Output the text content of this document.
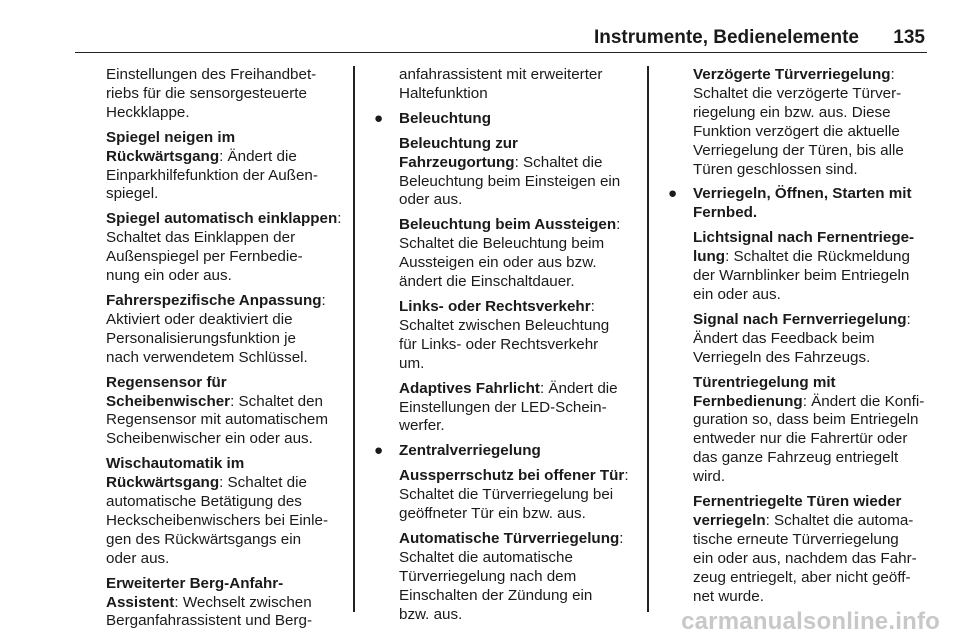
Instrumente, Bedienelemente 135

Einstellungen des Freihandbet-
riebs für die sensorgesteuerte
Heckklappe.

Spiegel neigen im
Rückwärtsgang: Ändert die
Einparkhilfefunktion der Außen-
spiegel.

Spiegel automatisch einklappen:
Schaltet das Einklappen der
Außenspiegel per Fernbedie-
nung ein oder aus.

Fahrerspezifische Anpassung:
Aktiviert oder deaktiviert die
Personalisierungsfunktion je
nach verwendetem Schlüssel.

Regensensor für
Scheibenwischer: Schaltet den
Regensensor mit automatischem
Scheibenwischer ein oder aus.

Wischautomatik im
Rückwärtsgang: Schaltet die
automatische Betätigung des
Heckscheibenwischers bei Einle-
gen des Rückwärtsgangs ein
oder aus.

Erweiterter Berg-Anfahr-
Assistent: Wechselt zwischen
Berganfahrassistent und Berg-

anfahrassistent mit erweiterter
Haltefunktion

● Beleuchtung

Beleuchtung zur
Fahrzeugortung: Schaltet die
Beleuchtung beim Einsteigen ein
oder aus.

Beleuchtung beim Aussteigen:
Schaltet die Beleuchtung beim
Aussteigen ein oder aus bzw.
ändert die Einschaltdauer.

Links- oder Rechtsverkehr:
Schaltet zwischen Beleuchtung
für Links- oder Rechtsverkehr
um.

Adaptives Fahrlicht: Ändert die
Einstellungen der LED-Schein-
werfer.

● Zentralverriegelung

Aussperrschutz bei offener Tür:
Schaltet die Türverriegelung bei
geöffneter Tür ein bzw. aus.

Automatische Türverriegelung:
Schaltet die automatische
Türverriegelung nach dem
Einschalten der Zündung ein
bzw. aus.

Verzögerte Türverriegelung:
Schaltet die verzögerte Türver-
riegelung ein bzw. aus. Diese
Funktion verzögert die aktuelle
Verriegelung der Türen, bis alle
Türen geschlossen sind.

● Verriegeln, Öffnen, Starten mit
Fernbed.

Lichtsignal nach Fernentriege-
lung: Schaltet die Rückmeldung
der Warnblinker beim Entriegeln
ein oder aus.

Signal nach Fernverriegelung:
Ändert das Feedback beim
Verriegeln des Fahrzeugs.

Türentriegelung mit
Fernbedienung: Ändert die Konfi-
guration so, dass beim Entriegeln
entweder nur die Fahrertür oder
das ganze Fahrzeug entriegelt
wird.

Fernentriegelte Türen wieder
verriegeln: Schaltet die automa-
tische erneute Türverriegelung
ein oder aus, nachdem das Fahr-
zeug entriegelt, aber nicht geöff-
net wurde.

carmanualsonline.info
